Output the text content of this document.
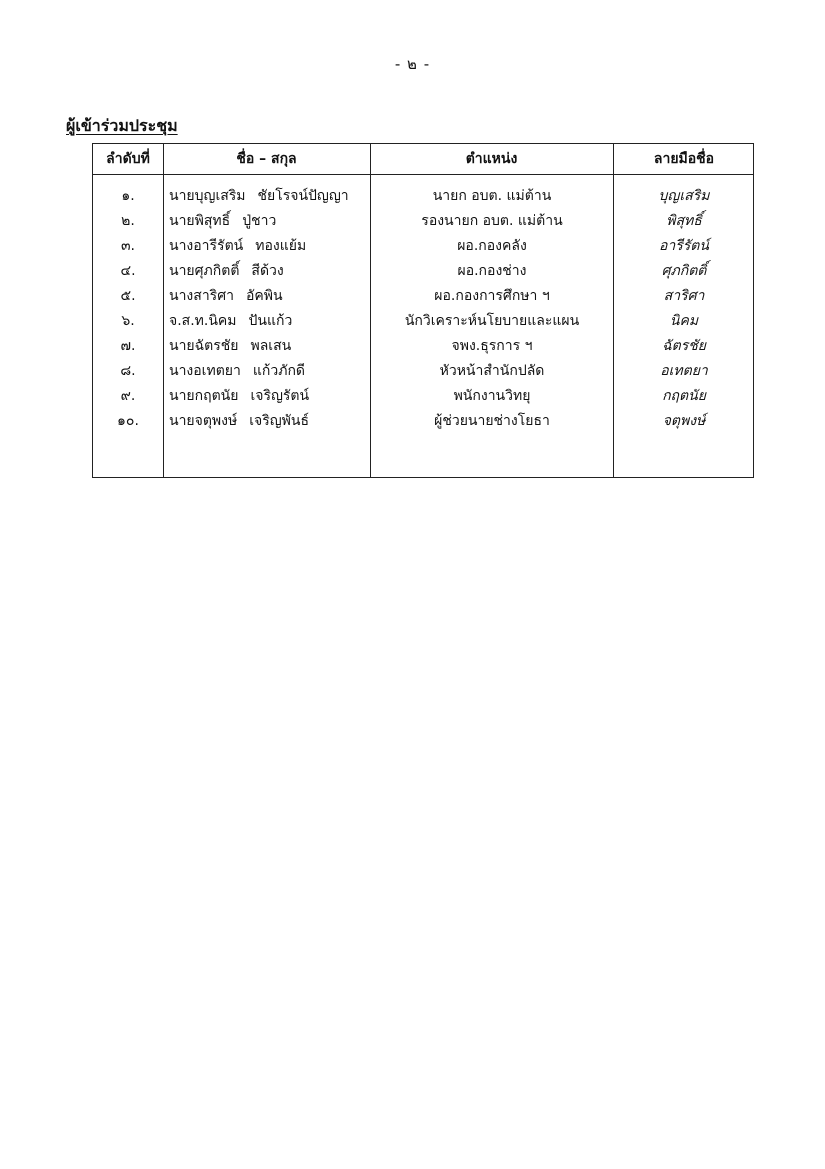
- ๒ -
ผู้เข้าร่วมประชุม
ลำดับที่	ชื่อ – สกุล	ตำแหน่ง	ลายมือชื่อ
๑.	นายบุญเสริม ชัยโรจน์ปัญญา	นายก อบต. แม่ต้าน	บุญเสริม
๒.	นายพิสุทธิ์ ปู่ชาว	รองนายก อบต. แม่ต้าน	พิสุทธิ์
๓.	นางอารีรัตน์ ทองแย้ม	ผอ.กองคลัง	อารีรัตน์
๔.	นายศุภกิตติ์ สีด้วง	ผอ.กองช่าง	ศุภกิตติ์
๕.	นางสาริศา อัคพิน	ผอ.กองการศึกษา ฯ	สาริศา
๖.	จ.ส.ท.นิคม ปันแก้ว	นักวิเคราะห์นโยบายและแผน	นิคม
๗.	นายฉัตรชัย พลเสน	จพง.ธุรการ ฯ	ฉัตรชัย
๘.	นางอเทตยา แก้วภักดี	หัวหน้าสำนักปลัด	อเทตยา
๙.	นายกฤตนัย เจริญรัตน์	พนักงานวิทยุ	กฤตนัย
๑๐.	นายจตุพงษ์ เจริญพันธ์	ผู้ช่วยนายช่างโยธา	จตุพงษ์
